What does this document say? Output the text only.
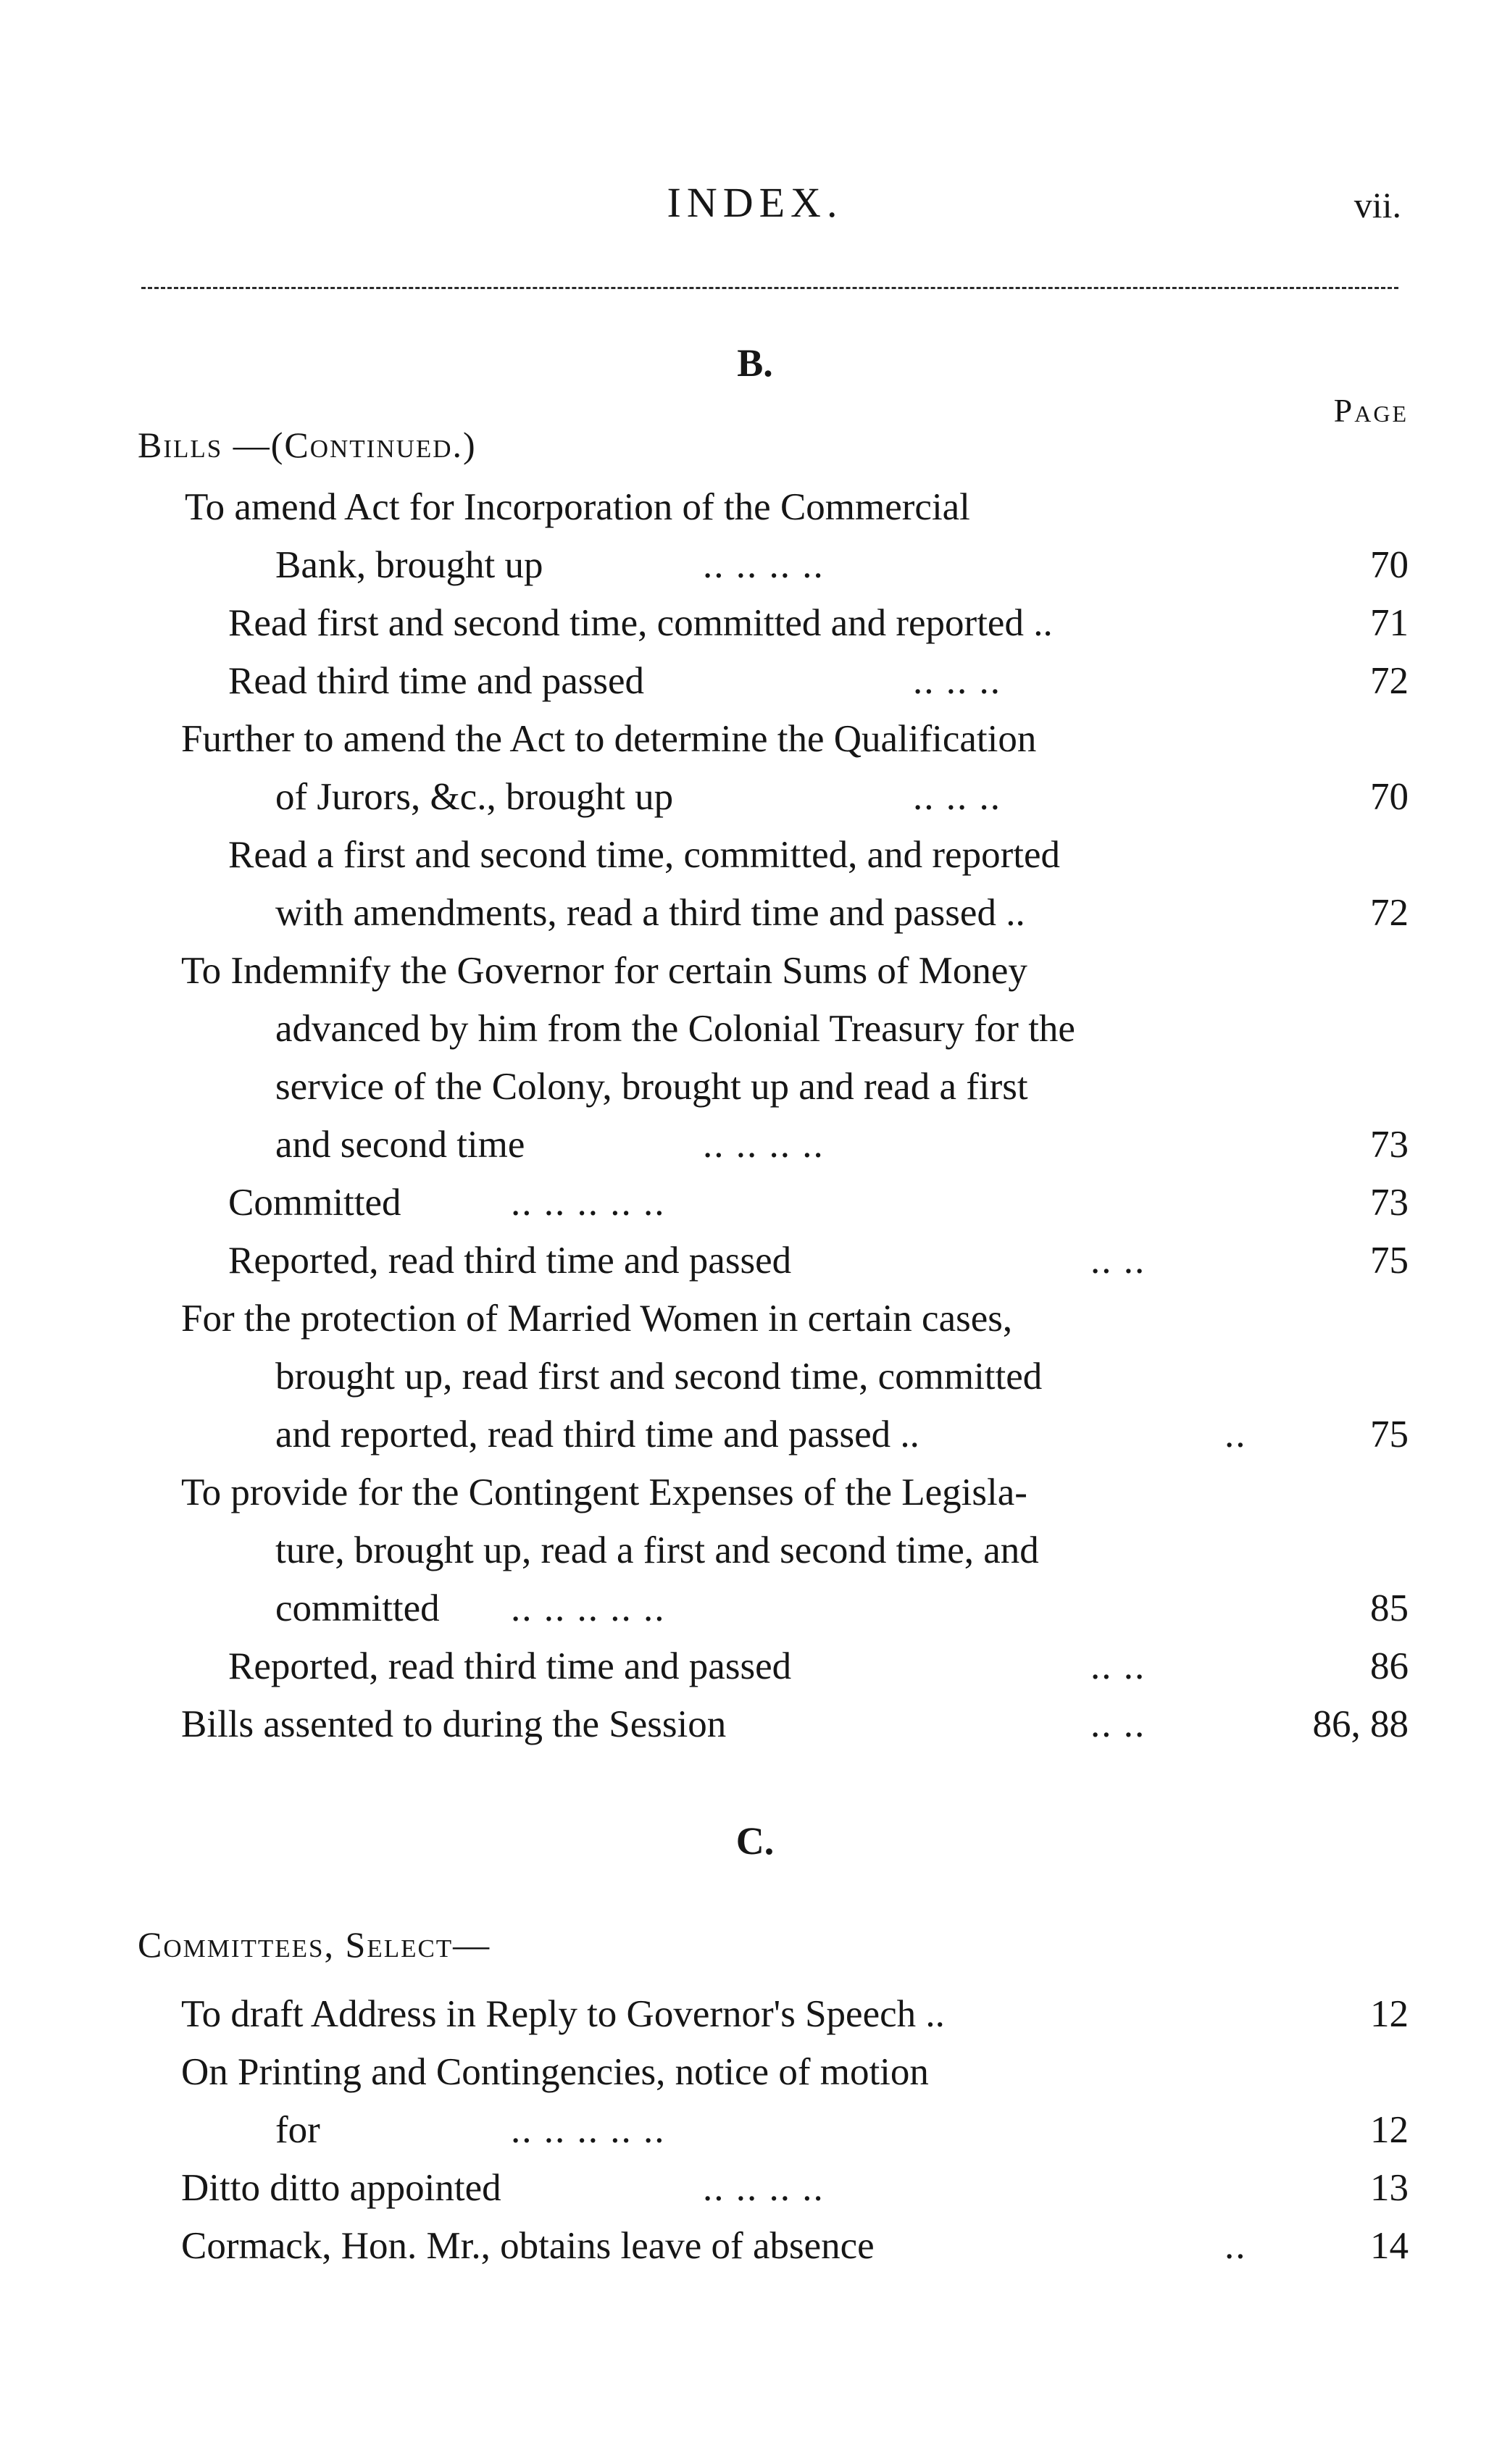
INDEX.	vii.
B.
Page
Bills —(Continued.)
To amend Act for Incorporation of the Commercial
Bank, brought up	.. .. .. ..	70
Read first and second time, committed and reported ..	71
Read third time and passed	.. .. ..	72
Further to amend the Act to determine the Qualification
of Jurors, &c., brought up	.. .. ..	70
Read a first and second time, committed, and reported
with amendments, read a third time and passed ..	72
To Indemnify the Governor for certain Sums of Money
advanced by him from the Colonial Treasury for the
service of the Colony, brought up and read a first
and second time	.. .. .. ..	73
Committed	.. .. .. .. ..	73
Reported, read third time and passed	.. ..	75
For the protection of Married Women in certain cases,
brought up, read first and second time, committed
and reported, read third time and passed ..	..	75
To provide for the Contingent Expenses of the Legisla-
ture, brought up, read a first and second time, and
committed .. .. .. .. ..	85
Reported, read third time and passed	.. ..	86
Bills assented to during the Session	.. ..	86, 88
C.
Committees, Select—
To draft Address in Reply to Governor's Speech ..	12
On Printing and Contingencies, notice of motion
for	.. .. .. .. ..	12
Ditto ditto appointed	.. .. .. ..	13
Cormack, Hon. Mr., obtains leave of absence	..	14
